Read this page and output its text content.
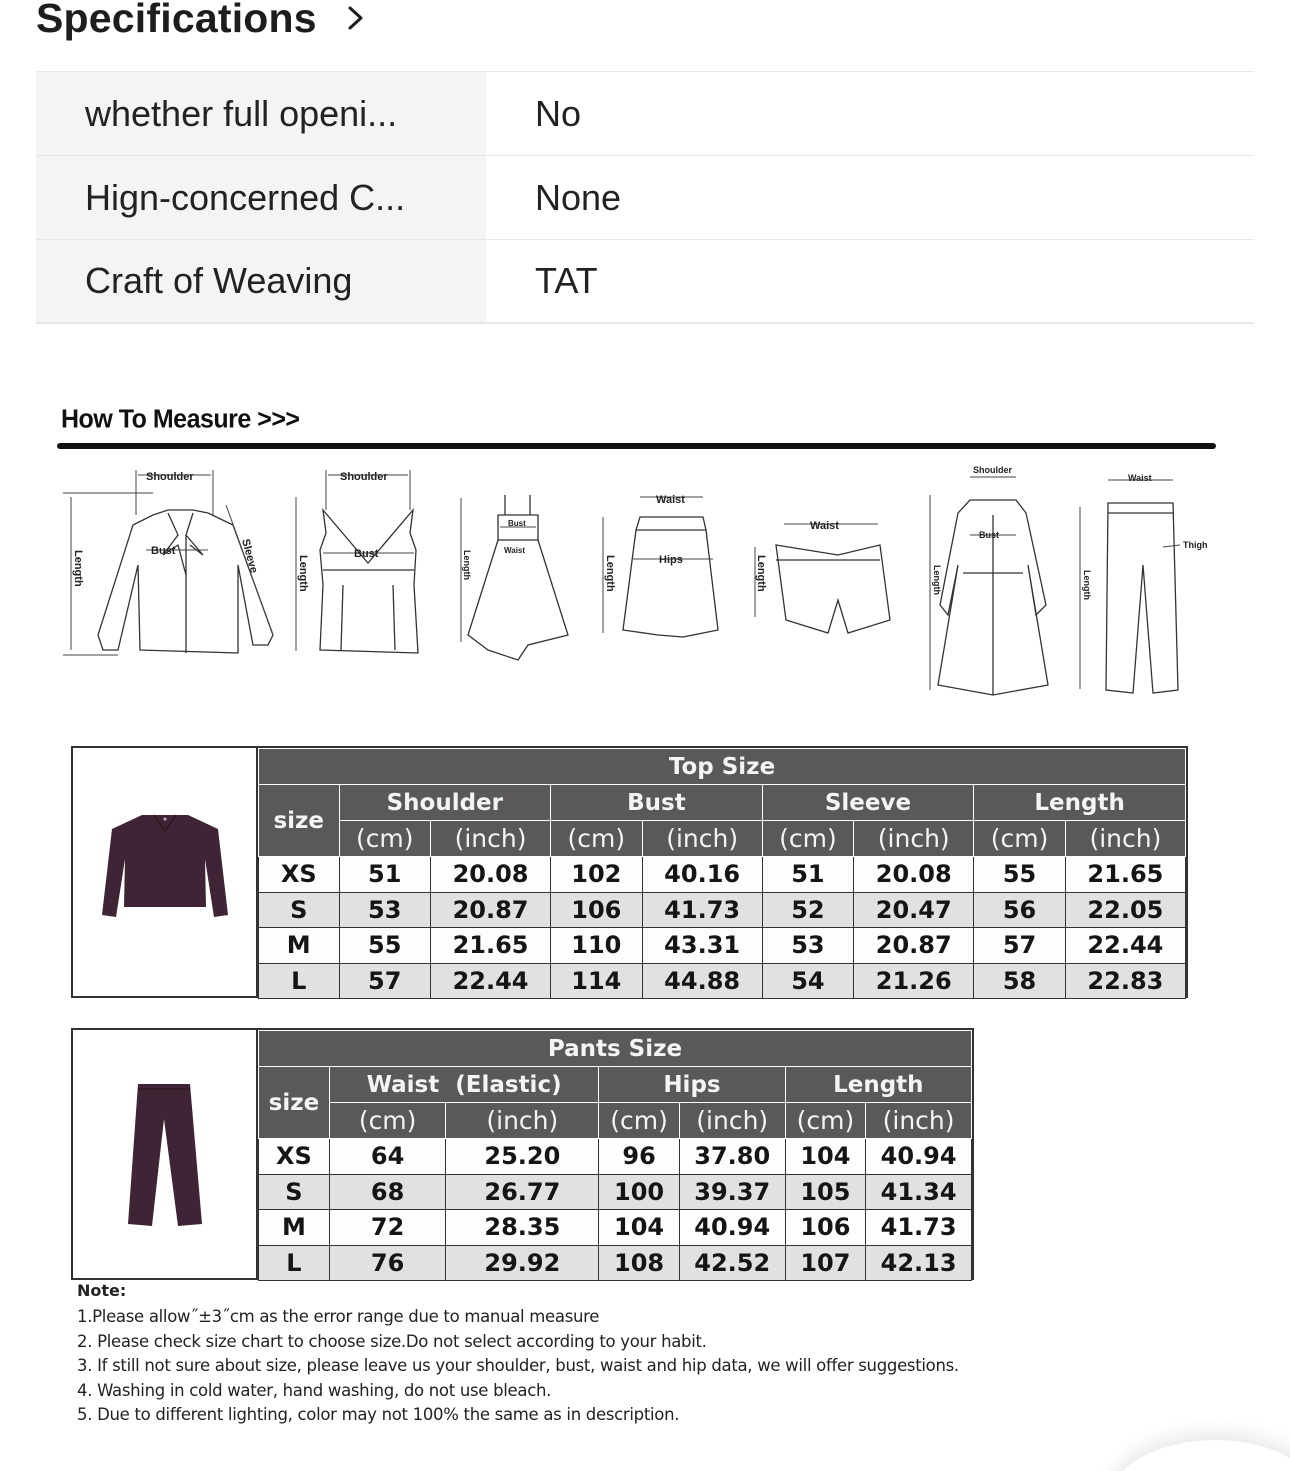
Specifications
whether full openi...	No
Hign-concerned C...	None
Craft of Weaving	TAT
How To Measure >>>
Shoulder
Bust
Length	Sleeve
Shoulder
Bust
Length
Bust
Waist
Length
Waist
Hips
Length
Waist
Length
Shoulder
Bust
Length
Waist
Thigh
Length
Top Size								
size	Shoulder		Bust		Sleeve		Length	
	(cm)	(inch)	(cm)	(inch)	(cm)	(inch)	(cm)	(inch)
XS	51	20.08	102	40.16	51	20.08	55	21.65
S	53	20.87	106	41.73	52	20.47	56	22.05
M	55	21.65	110	43.31	53	20.87	57	22.44
L	57	22.44	114	44.88	54	21.26	58	22.83
Pants Size						
size	Waist  (Elastic)		Hips		Length	
	(cm)	(inch)	(cm)	(inch)	(cm)	(inch)
XS	64	25.20	96	37.80	104	40.94
S	68	26.77	100	39.37	105	41.34
M	72	28.35	104	40.94	106	41.73
L	76	29.92	108	42.52	107	42.13
Note:
1.Please allow˝±3˝cm as the error range due to manual measure
2. Please check size chart to choose size.Do not select according to your habit.
3. If still not sure about size, please leave us your shoulder, bust, waist and hip data, we will offer suggestions.
4. Washing in cold water, hand washing, do not use bleach.
5. Due to different lighting, color may not 100% the same as in description.
